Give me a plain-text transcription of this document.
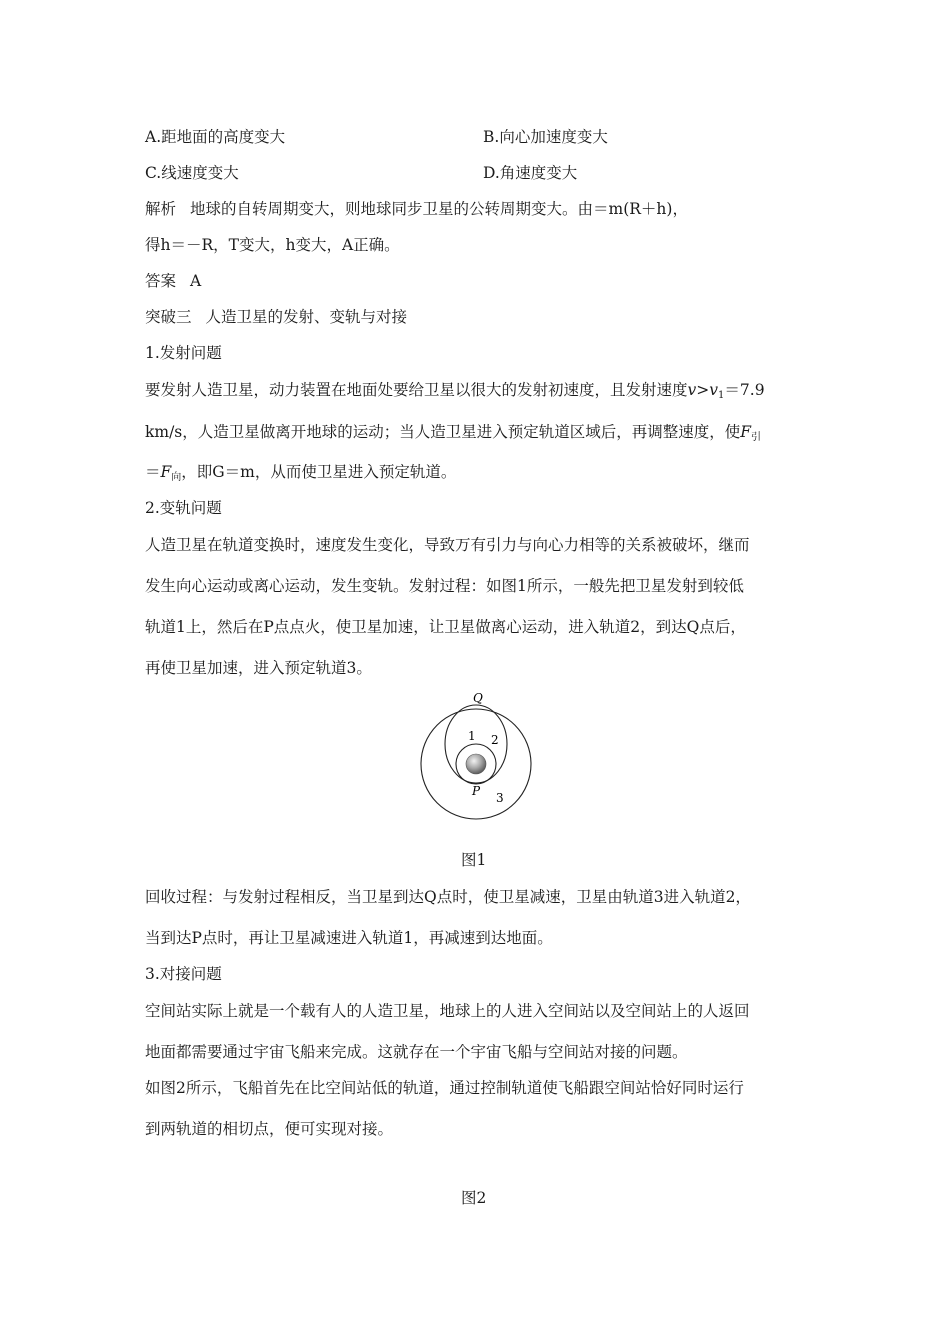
A.距地面的高度变大	B.向心加速度变大
C.线速度变大	D.角速度变大
解析 地球的自转周期变大，则地球同步卫星的公转周期变大。由＝m(R＋h)，
得h＝－R，T变大，h变大，A正确。
答案 A
突破三 人造卫星的发射、变轨与对接
1.发射问题
要发射人造卫星，动力装置在地面处要给卫星以很大的发射初速度，且发射速度$v>v_1=7.9$
km/s，人造卫星做离开地球的运动；当人造卫星进入预定轨道区域后，再调整速度，使$F_引$
$=F_向$，即G＝m，从而使卫星进入预定轨道。
2.变轨问题
人造卫星在轨道变换时，速度发生变化，导致万有引力与向心力相等的关系被破坏，继而
发生向心运动或离心运动，发生变轨。发射过程：如图1所示，一般先把卫星发射到较低
轨道1上，然后在P点点火，使卫星加速，让卫星做离心运动，进入轨道2，到达Q点后，
再使卫星加速，进入预定轨道3。
Q
1 2
P 3
图1
回收过程：与发射过程相反，当卫星到达Q点时，使卫星减速，卫星由轨道3进入轨道2，
当到达P点时，再让卫星减速进入轨道1，再减速到达地面。
3.对接问题
空间站实际上就是一个载有人的人造卫星，地球上的人进入空间站以及空间站上的人返回
地面都需要通过宇宙飞船来完成。这就存在一个宇宙飞船与空间站对接的问题。
如图2所示，飞船首先在比空间站低的轨道，通过控制轨道使飞船跟空间站恰好同时运行
到两轨道的相切点，便可实现对接。
图2
